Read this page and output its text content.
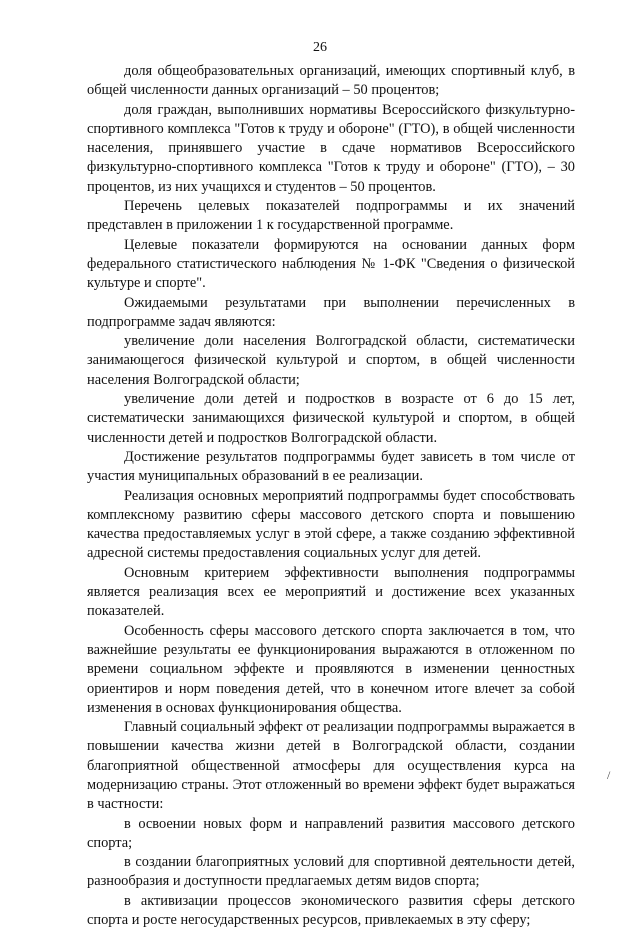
26

доля общеобразовательных организаций, имеющих спортивный клуб, в общей численности данных организаций – 50 процентов;

доля граждан, выполнивших нормативы Всероссийского физкультурно-спортивного комплекса "Готов к труду и обороне" (ГТО), в общей численности населения, принявшего участие в сдаче нормативов Всероссийского физкультурно-спортивного комплекса "Готов к труду и обороне" (ГТО), – 30 процентов, из них учащихся и студентов – 50 процентов.

Перечень целевых показателей подпрограммы и их значений представлен в приложении 1 к государственной программе.

Целевые показатели формируются на основании данных форм федерального статистического наблюдения № 1-ФК "Сведения о физической культуре и спорте".

Ожидаемыми результатами при выполнении перечисленных в подпрограмме задач являются:

увеличение доли населения Волгоградской области, систематически занимающегося физической культурой и спортом, в общей численности населения Волгоградской области;

увеличение доли детей и подростков в возрасте от 6 до 15 лет, систематически занимающихся физической культурой и спортом, в общей численности детей и подростков Волгоградской области.

Достижение результатов подпрограммы будет зависеть в том числе от участия муниципальных образований в ее реализации.

Реализация основных мероприятий подпрограммы будет способствовать комплексному развитию сферы массового детского спорта и повышению качества предоставляемых услуг в этой сфере, а также созданию эффективной адресной системы предоставления социальных услуг для детей.

Основным критерием эффективности выполнения подпрограммы является реализация всех ее мероприятий и достижение всех указанных показателей.

Особенность сферы массового детского спорта заключается в том, что важнейшие результаты ее функционирования выражаются в отложенном по времени социальном эффекте и проявляются в изменении ценностных ориентиров и норм поведения детей, что в конечном итоге влечет за собой изменения в основах функционирования общества.

Главный социальный эффект от реализации подпрограммы выражается в повышении качества жизни детей в Волгоградской области, создании благоприятной общественной атмосферы для осуществления курса на модернизацию страны. Этот отложенный во времени эффект будет выражаться в частности:

в освоении новых форм и направлений развития массового детского спорта;

в создании благоприятных условий для спортивной деятельности детей, разнообразия и доступности предлагаемых детям видов спорта;

в активизации процессов экономического развития сферы детского спорта и росте негосударственных ресурсов, привлекаемых в эту сферу;

/
